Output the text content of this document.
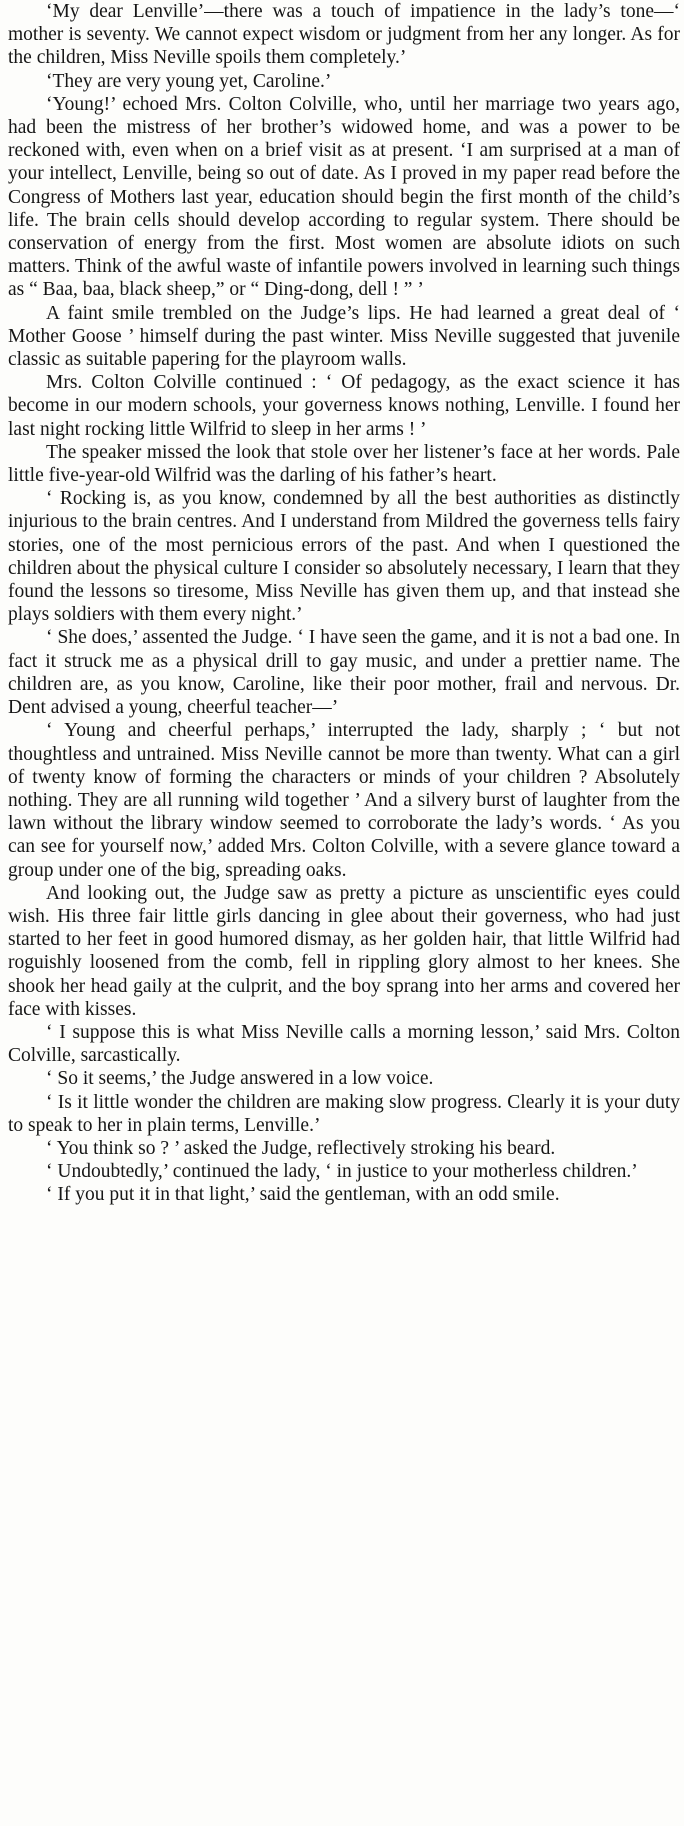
‘My dear Lenville’—there was a touch of impatience in the lady’s tone—‘ mother is seventy. We cannot expect wisdom or judgment from her any longer. As for the children, Miss Neville spoils them completely.’

‘They are very young yet, Caroline.’

‘Young!’ echoed Mrs. Colton Colville, who, until her marriage two years ago, had been the mistress of her brother’s widowed home, and was a power to be reckoned with, even when on a brief visit as at present. ‘I am surprised at a man of your intellect, Lenville, being so out of date. As I proved in my paper read before the Congress of Mothers last year, education should begin the first month of the child’s life. The brain cells should develop according to regular system. There should be conservation of energy from the first. Most women are absolute idiots on such matters. Think of the awful waste of infantile powers involved in learning such things as “ Baa, baa, black sheep,” or “ Ding-dong, dell ! ” ’

A faint smile trembled on the Judge’s lips. He had learned a great deal of ‘ Mother Goose ’ himself during the past winter. Miss Neville suggested that juvenile classic as suitable papering for the playroom walls.

Mrs. Colton Colville continued : ‘ Of pedagogy, as the exact science it has become in our modern schools, your governess knows nothing, Lenville. I found her last night rocking little Wilfrid to sleep in her arms ! ’

The speaker missed the look that stole over her listener’s face at her words. Pale little five-year-old Wilfrid was the darling of his father’s heart.

‘ Rocking is, as you know, condemned by all the best authorities as distinctly injurious to the brain centres. And I understand from Mildred the governess tells fairy stories, one of the most pernicious errors of the past. And when I questioned the children about the physical culture I consider so absolutely necessary, I learn that they found the lessons so tiresome, Miss Neville has given them up, and that instead she plays soldiers with them every night.’

‘ She does,’ assented the Judge. ‘ I have seen the game, and it is not a bad one. In fact it struck me as a physical drill to gay music, and under a prettier name. The children are, as you know, Caroline, like their poor mother, frail and nervous. Dr. Dent advised a young, cheerful teacher—’

‘ Young and cheerful perhaps,’ interrupted the lady, sharply ; ‘ but not thoughtless and untrained. Miss Neville cannot be more than twenty. What can a girl of twenty know of forming the characters or minds of your children ? Absolutely nothing. They are all running wild together ’ And a silvery burst of laughter from the lawn without the library window seemed to corroborate the lady’s words. ‘ As you can see for yourself now,’ added Mrs. Colton Colville, with a severe glance toward a group under one of the big, spreading oaks.

And looking out, the Judge saw as pretty a picture as unscientific eyes could wish. His three fair little girls dancing in glee about their governess, who had just started to her feet in good humored dismay, as her golden hair, that little Wilfrid had roguishly loosened from the comb, fell in rippling glory almost to her knees. She shook her head gaily at the culprit, and the boy sprang into her arms and covered her face with kisses.

‘ I suppose this is what Miss Neville calls a morning lesson,’ said Mrs. Colton Colville, sarcastically.

‘ So it seems,’ the Judge answered in a low voice.

‘ Is it little wonder the children are making slow progress. Clearly it is your duty to speak to her in plain terms, Lenville.’

‘ You think so ? ’ asked the Judge, reflectively stroking his beard.

‘ Undoubtedly,’ continued the lady, ‘ in justice to your motherless children.’

‘ If you put it in that light,’ said the gentleman, with an odd smile.
